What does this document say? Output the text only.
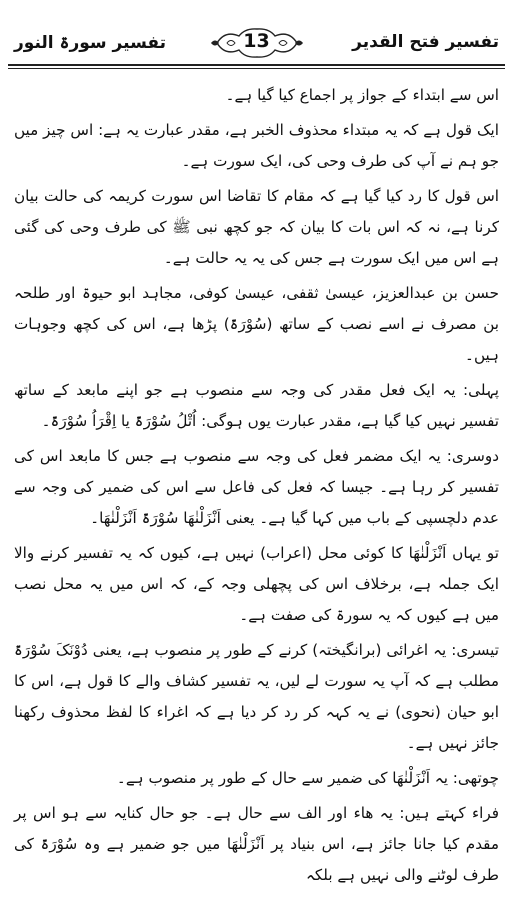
تفسیر فتح القدیر
13
تفسیر سورۃ النور

اس سے ابتداء کے جواز پر اجماع کیا گیا ہے۔

ایک قول ہے کہ یہ مبتداء محذوف الخبر ہے، مقدر عبارت یہ ہے: اس چیز میں جو ہم نے آپ کی طرف وحی کی، ایک سورت ہے۔

اس قول کا رد کیا گیا ہے کہ مقام کا تقاضا اس سورت کریمہ کی حالت بیان کرنا ہے، نہ کہ اس بات کا بیان کہ جو کچھ نبی ﷺ کی طرف وحی کی گئی ہے اس میں ایک سورت ہے جس کی یہ یہ حالت ہے۔

حسن بن عبدالعزیز، عیسیٰ ثقفی، عیسیٰ کوفی، مجاہد ابو حیوۃ اور طلحہ بن مصرف نے اسے نصب کے ساتھ (سُوْرَۃً) پڑھا ہے، اس کی کچھ وجوہات ہیں۔

پہلی: یہ ایک فعل مقدر کی وجہ سے منصوب ہے جو اپنے مابعد کے ساتھ تفسیر نہیں کیا گیا ہے، مقدر عبارت یوں ہوگی: اُتْلُ سُوْرَۃً یا اِقْرَاُ سُوْرَۃً۔

دوسری: یہ ایک مضمر فعل کی وجہ سے منصوب ہے جس کا مابعد اس کی تفسیر کر رہا ہے۔ جیسا کہ فعل کی فاعل سے اس کی ضمیر کی وجہ سے عدم دلچسپی کے باب میں کہا گیا ہے۔ یعنی اَنْزَلْنٰھَا سُوْرَۃً اَنْزَلْنٰھَا۔

تو یہاں اَنْزَلْنٰھَا کا کوئی محل (اعراب) نہیں ہے، کیوں کہ یہ تفسیر کرنے والا ایک جملہ ہے، برخلاف اس کی پچھلی وجہ کے، کہ اس میں یہ محل نصب میں ہے کیوں کہ یہ سورۃ کی صفت ہے۔

تیسری: یہ اغرائی (برانگیختہ) کرنے کے طور پر منصوب ہے، یعنی دُوْنَکَ سُوْرَۃً مطلب ہے کہ آپ یہ سورت لے لیں، یہ تفسیر کشاف والے کا قول ہے، اس کا ابو حیان (نحوی) نے یہ کہہ کر رد کر دیا ہے کہ اغراء کا لفظ محذوف رکھنا جائز نہیں ہے۔

چوتھی: یہ اَنْزَلْنٰھَا کی ضمیر سے حال کے طور پر منصوب ہے۔

فراء کہتے ہیں: یہ ھاء اور الف سے حال ہے۔ جو حال کنایہ سے ہو اس پر مقدم کیا جانا جائز ہے، اس بنیاد پر اَنْزَلْنٰھَا میں جو ضمیر ہے وہ سُوْرَۃً کی طرف لوٹنے والی نہیں ہے بلکہ
